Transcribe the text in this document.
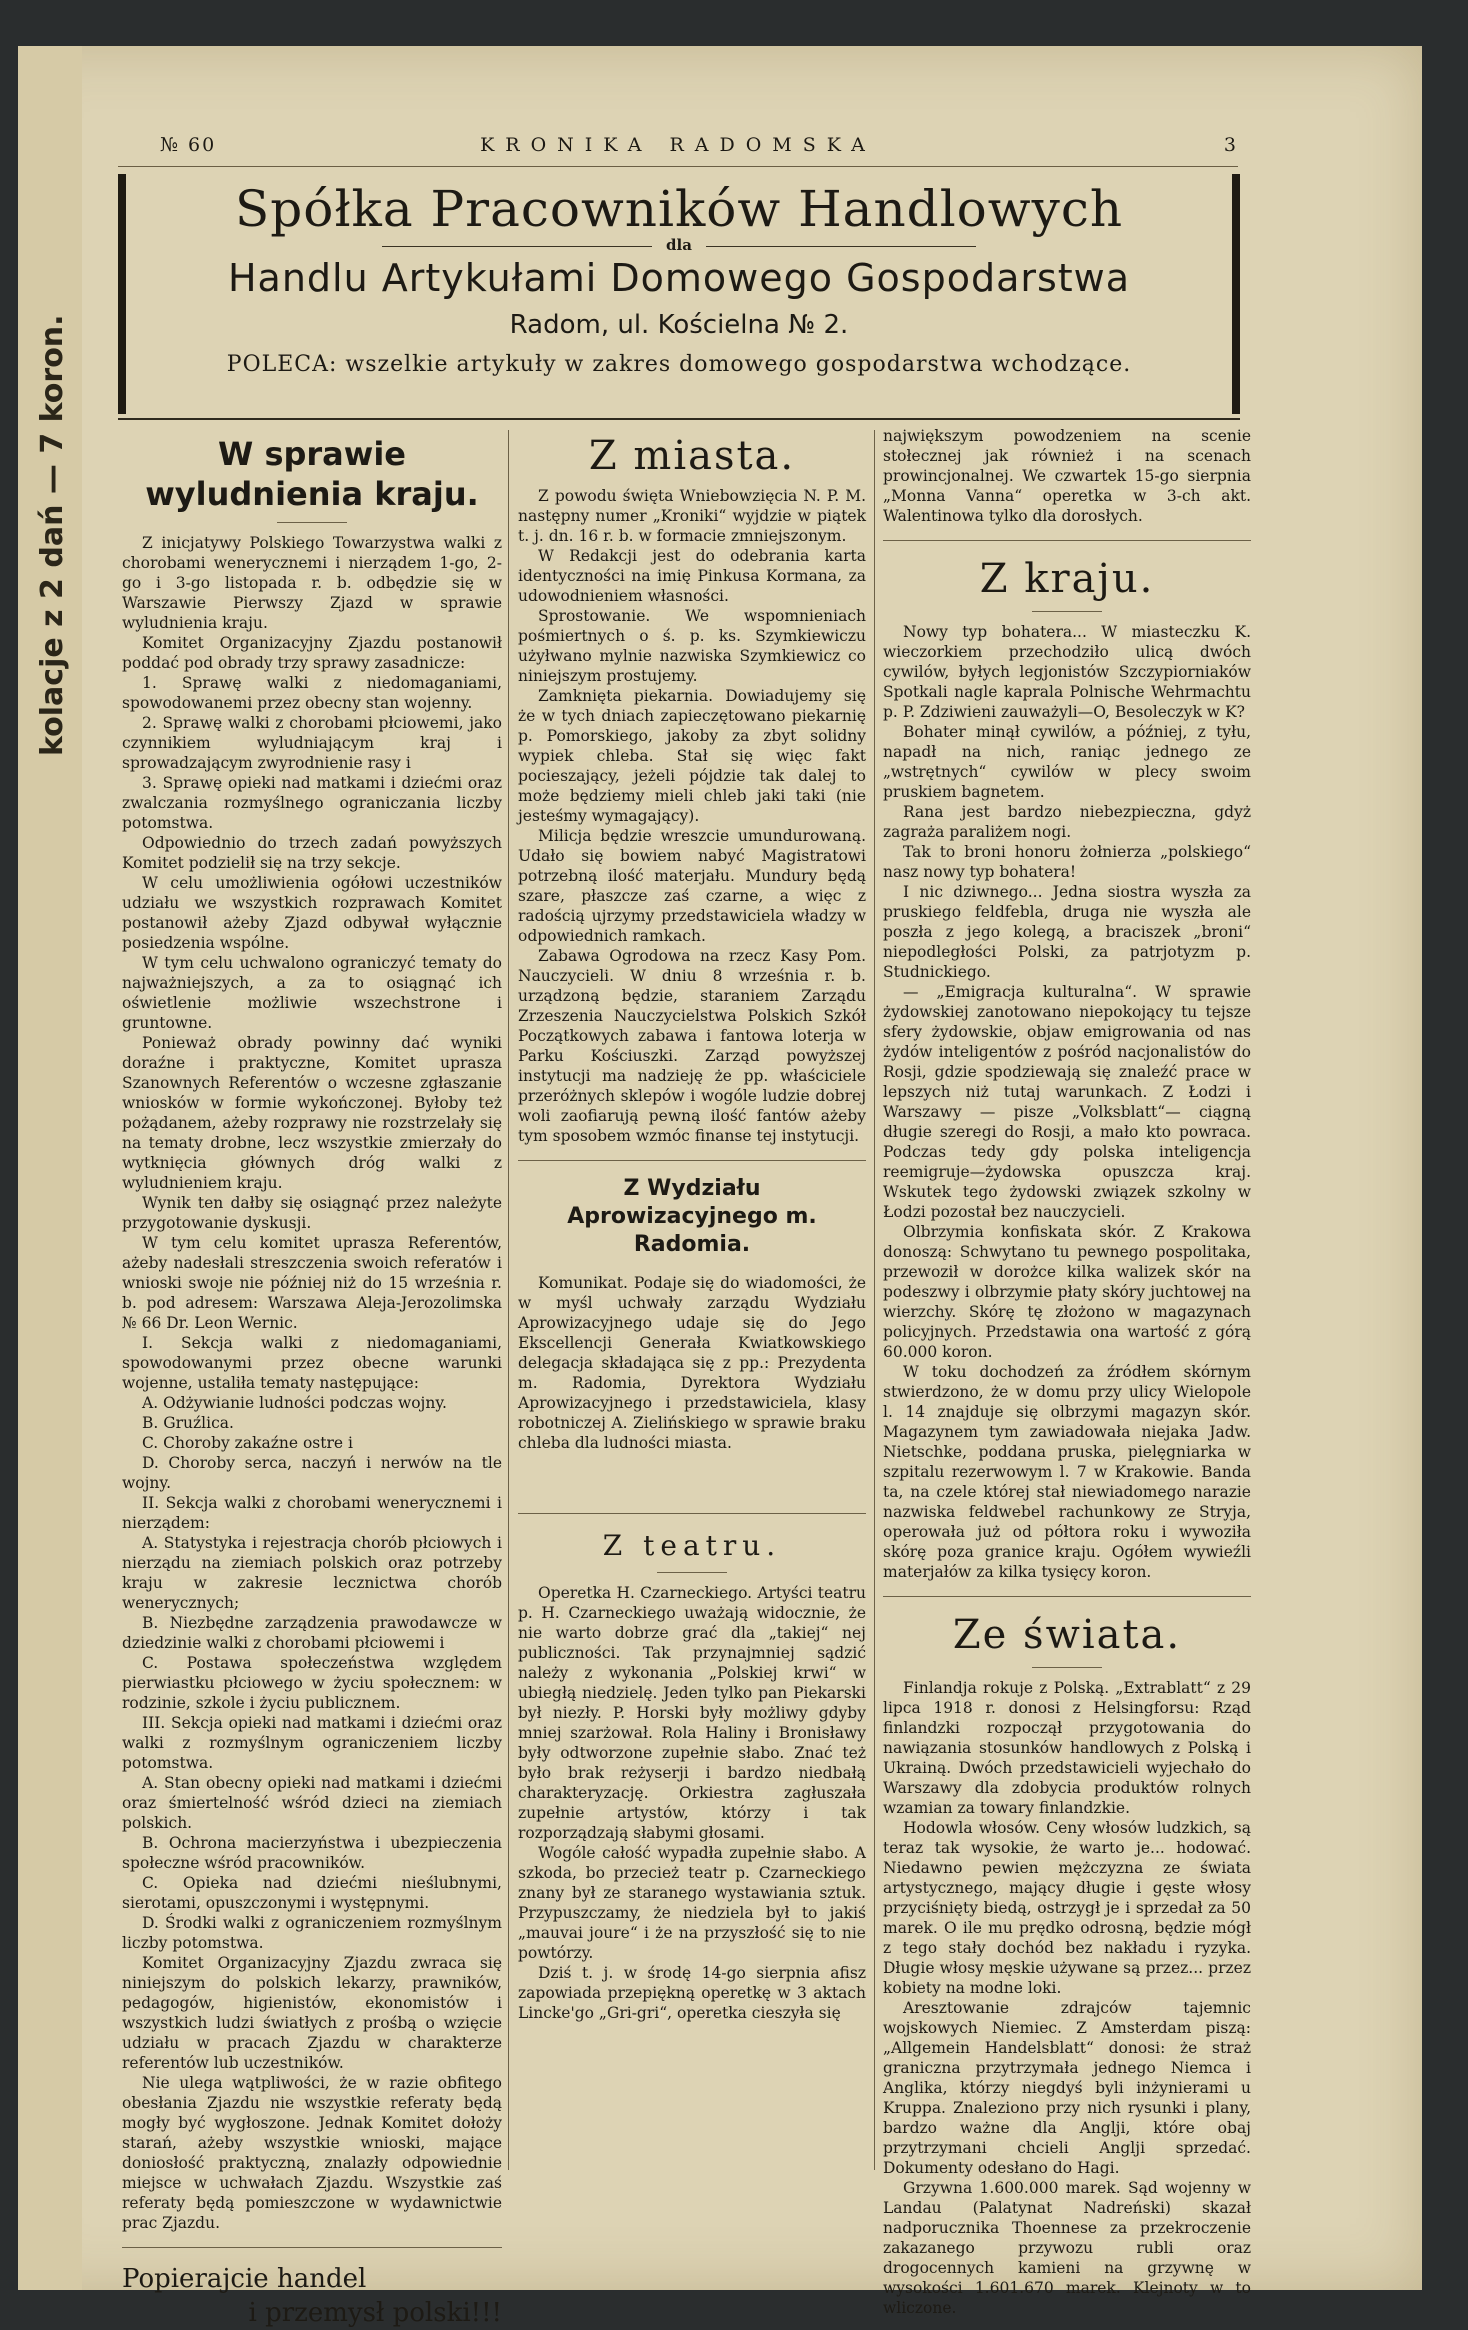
kolacje z 2 dań — 7 koron.
№ 60	KRONIKA RADOMSKA	3
Spółka Pracowników Handlowych
dla
Handlu Artykułami Domowego Gospodarstwa
Radom, ul. Kościelna № 2.
POLECA: wszelkie artykuły w zakres domowego gospodarstwa wchodzące.
W sprawie wyludnienia kraju.

Z inicjatywy Polskiego Towarzystwa walki z chorobami wenerycznemi i nierządem 1-go, 2-go i 3-go listopada r. b. odbędzie się w Warszawie Pierwszy Zjazd w sprawie wyludnienia kraju.

Komitet Organizacyjny Zjazdu postanowił poddać pod obrady trzy sprawy zasadnicze:

1. Sprawę walki z niedomaganiami, spowodowanemi przez obecny stan wojenny.

2. Sprawę walki z chorobami płciowemi, jako czynnikiem wyludniającym kraj i sprowadzającym zwyrodnienie rasy i

3. Sprawę opieki nad matkami i dziećmi oraz zwalczania rozmyślnego ograniczania liczby potomstwa.

Odpowiednio do trzech zadań powyższych Komitet podzielił się na trzy sekcje.

W celu umożliwienia ogółowi uczestników udziału we wszystkich rozprawach Komitet postanowił ażeby Zjazd odbywał wyłącznie posiedzenia wspólne.

W tym celu uchwalono ograniczyć tematy do najważniejszych, a za to osiągnąć ich oświetlenie możliwie wszechstrone i gruntowne.

Ponieważ obrady powinny dać wyniki doraźne i praktyczne, Komitet uprasza Szanownych Referentów o wczesne zgłaszanie wniosków w formie wykończonej. Byłoby też pożądanem, ażeby rozprawy nie rozstrzelały się na tematy drobne, lecz wszystkie zmierzały do wytknięcia głównych dróg walki z wyludnieniem kraju.

Wynik ten dałby się osiągnąć przez należyte przygotowanie dyskusji.

W tym celu komitet uprasza Referentów, ażeby nadesłali streszczenia swoich referatów i wnioski swoje nie później niż do 15 września r. b. pod adresem: Warszawa Aleja-Jerozolimska № 66 Dr. Leon Wernic.

I. Sekcja walki z niedomaganiami, spowodowanymi przez obecne warunki wojenne, ustaliła tematy następujące:

A. Odżywianie ludności podczas wojny.

B. Gruźlica.

C. Choroby zakaźne ostre i

D. Choroby serca, naczyń i nerwów na tle wojny.

II. Sekcja walki z chorobami wenerycznemi i nierządem:

A. Statystyka i rejestracja chorób płciowych i nierządu na ziemiach polskich oraz potrzeby kraju w zakresie lecznictwa chorób wenerycznych;

B. Niezbędne zarządzenia prawodawcze w dziedzinie walki z chorobami płciowemi i

C. Postawa społeczeństwa względem pierwiastku płciowego w życiu społecznem: w rodzinie, szkole i życiu publicznem.

III. Sekcja opieki nad matkami i dziećmi oraz walki z rozmyślnym ograniczeniem liczby potomstwa.

A. Stan obecny opieki nad matkami i dziećmi oraz śmiertelność wśród dzieci na ziemiach polskich.

B. Ochrona macierzyństwa i ubezpieczenia społeczne wśród pracowników.

C. Opieka nad dziećmi nieślubnymi, sierotami, opuszczonymi i występnymi.

D. Środki walki z ograniczeniem rozmyślnym liczby potomstwa.

Komitet Organizacyjny Zjazdu zwraca się niniejszym do polskich lekarzy, prawników, pedagogów, higienistów, ekonomistów i wszystkich ludzi światłych z prośbą o wzięcie udziału w pracach Zjazdu w charakterze referentów lub uczestników.

Nie ulega wątpliwości, że w razie obfitego obesłania Zjazdu nie wszystkie referaty będą mogły być wygłoszone. Jednak Komitet dołoży starań, ażeby wszystkie wnioski, mające doniosłość praktyczną, znalazły odpowiednie miejsce w uchwałach Zjazdu. Wszystkie zaś referaty będą pomieszczone w wydawnictwie prac Zjazdu.

Popierajcie handel
i przemysł polski!!!
Z miasta.

Z powodu święta Wniebowzięcia N. P. M. następny numer „Kroniki“ wyjdzie w piątek t. j. dn. 16 r. b. w formacie zmniejszonym.

W Redakcji jest do odebrania karta identyczności na imię Pinkusa Kormana, za udowodnieniem własności.

Sprostowanie. We wspomnieniach pośmiertnych o ś. p. ks. Szymkiewiczu użyłwano mylnie nazwiska Szymkiewicz co niniejszym prostujemy.

Zamknięta piekarnia. Dowiadujemy się że w tych dniach zapieczętowano piekarnię p. Pomorskiego, jakoby za zbyt solidny wypiek chleba. Stał się więc fakt pocieszający, jeżeli pójdzie tak dalej to może będziemy mieli chleb jaki taki (nie jesteśmy wymagający).

Milicja będzie wreszcie umundurowaną. Udało się bowiem nabyć Magistratowi potrzebną ilość materjału. Mundury będą szare, płaszcze zaś czarne, a więc z radością ujrzymy przedstawiciela władzy w odpowiednich ramkach.

Zabawa Ogrodowa na rzecz Kasy Pom. Nauczycieli. W dniu 8 września r. b. urządzoną będzie, staraniem Zarządu Zrzeszenia Nauczycielstwa Polskich Szkół Początkowych zabawa i fantowa loterja w Parku Kościuszki. Zarząd powyższej instytucji ma nadzieję że pp. właściciele przeróżnych sklepów i wogóle ludzie dobrej woli zaofiarują pewną ilość fantów ażeby tym sposobem wzmóc finanse tej instytucji.

Z Wydziału Aprowizacyjnego m. Radomia.

Komunikat. Podaje się do wiadomości, że w myśl uchwały zarządu Wydziału Aprowizacyjnego udaje się do Jego Ekscellencji Generała Kwiatkowskiego delegacja składająca się z pp.: Prezydenta m. Radomia, Dyrektora Wydziału Aprowizacyjnego i przedstawiciela, klasy robotniczej A. Zielińskiego w sprawie braku chleba dla ludności miasta.

Z teatru.

Operetka H. Czarneckiego. Artyści teatru p. H. Czarneckiego uważają widocznie, że nie warto dobrze grać dla „takiej“ nej publiczności. Tak przynajmniej sądzić należy z wykonania „Polskiej krwi“ w ubiegłą niedzielę. Jeden tylko pan Piekarski był niezły. P. Horski były możliwy gdyby mniej szarżował. Rola Haliny i Bronisławy były odtworzone zupełnie słabo. Znać też było brak reżyserji i bardzo niedbałą charakteryzację. Orkiestra zagłuszała zupełnie artystów, którzy i tak rozporządzają słabymi głosami.

Wogóle całość wypadła zupełnie słabo. A szkoda, bo przecież teatr p. Czarneckiego znany był ze staranego wystawiania sztuk. Przypuszczamy, że niedziela był to jakiś „mauvai joure“ i że na przyszłość się to nie powtórzy.

Dziś t. j. w środę 14-go sierpnia afisz zapowiada przepiękną operetkę w 3 aktach Lincke'go „Gri-gri“, operetka cieszyła się

największym powodzeniem na scenie stołecznej jak również i na scenach prowincjonalnej. We czwartek 15-go sierpnia „Monna Vanna“ operetka w 3-ch akt. Walentinowa tylko dla dorosłych.

Z kraju.

Nowy typ bohatera... W miasteczku K. wieczorkiem przechodziło ulicą dwóch cywilów, byłych legjonistów Szczypiorniaków Spotkali nagle kaprala Polnische Wehrmachtu p. P. Zdziwieni zauważyli—O, Besoleczyk w K?

Bohater minął cywilów, a później, z tyłu, napadł na nich, raniąc jednego ze „wstrętnych“ cywilów w plecy swoim pruskiem bagnetem.

Rana jest bardzo niebezpieczna, gdyż zagraża paraliżem nogi.

Tak to broni honoru żołnierza „polskiego“ nasz nowy typ bohatera!

I nic dziwnego... Jedna siostra wyszła za pruskiego feldfebla, druga nie wyszła ale poszła z jego kolegą, a braciszek „broni“ niepodległości Polski, za patrjotyzm p. Studnickiego.

— „Emigracja kulturalna“. W sprawie żydowskiej zanotowano niepokojący tu tejsze sfery żydowskie, objaw emigrowania od nas żydów inteligentów z pośród nacjonalistów do Rosji, gdzie spodziewają się znaleźć prace w lepszych niż tutaj warunkach. Z Łodzi i Warszawy — pisze „Volksblatt“— ciągną długie szeregi do Rosji, a mało kto powraca. Podczas tedy gdy polska inteligencja reemigruje—żydowska opuszcza kraj. Wskutek tego żydowski związek szkolny w Łodzi pozostał bez nauczycieli.

Olbrzymia konfiskata skór. Z Krakowa donoszą: Schwytano tu pewnego pospolitaka, przewoził w dorożce kilka walizek skór na podeszwy i olbrzymie płaty skóry juchtowej na wierzchy. Skórę tę złożono w magazynach policyjnych. Przedstawia ona wartość z górą 60.000 koron.

W toku dochodzeń za źródłem skórnym stwierdzono, że w domu przy ulicy Wielopole l. 14 znajduje się olbrzymi magazyn skór. Magazynem tym zawiadowała niejaka Jadw. Nietschke, poddana pruska, pielęgniarka w szpitalu rezerwowym l. 7 w Krakowie. Banda ta, na czele której stał niewiadomego narazie nazwiska feldwebel rachunkowy ze Stryja, operowała już od półtora roku i wywoziła skórę poza granice kraju. Ogółem wywieźli materjałów za kilka tysięcy koron.

Ze świata.

Finlandja rokuje z Polską. „Extrablatt“ z 29 lipca 1918 r. donosi z Helsingforsu: Rząd finlandzki rozpoczął przygotowania do nawiązania stosunków handlowych z Polską i Ukrainą. Dwóch przedstawicieli wyjechało do Warszawy dla zdobycia produktów rolnych wzamian za towary finlandzkie.

Hodowla włosów. Ceny włosów ludzkich, są teraz tak wysokie, że warto je... hodować. Niedawno pewien mężczyzna ze świata artystycznego, mający długie i gęste włosy przyciśnięty biedą, ostrzygł je i sprzedał za 50 marek. O ile mu prędko odrosną, będzie mógł z tego stały dochód bez nakładu i ryzyka. Długie włosy męskie używane są przez... przez kobiety na modne loki.

Aresztowanie zdrajców tajemnic wojskowych Niemiec. Z Amsterdam piszą: „Allgemein Handelsblatt“ donosi: że straż graniczna przytrzymała jednego Niemca i Anglika, którzy niegdyś byli inżynierami u Kruppa. Znaleziono przy nich rysunki i plany, bardzo ważne dla Anglji, które obaj przytrzymani chcieli Anglji sprzedać. Dokumenty odesłano do Hagi.

Grzywna 1.600.000 marek. Sąd wojenny w Landau (Palatynat Nadreński) skazał nadporucznika Thoennese za przekroczenie zakazanego przywozu rubli oraz drogocennych kamieni na grzywnę w wysokości 1.601.670 marek. Klejnoty w to wliczone.
